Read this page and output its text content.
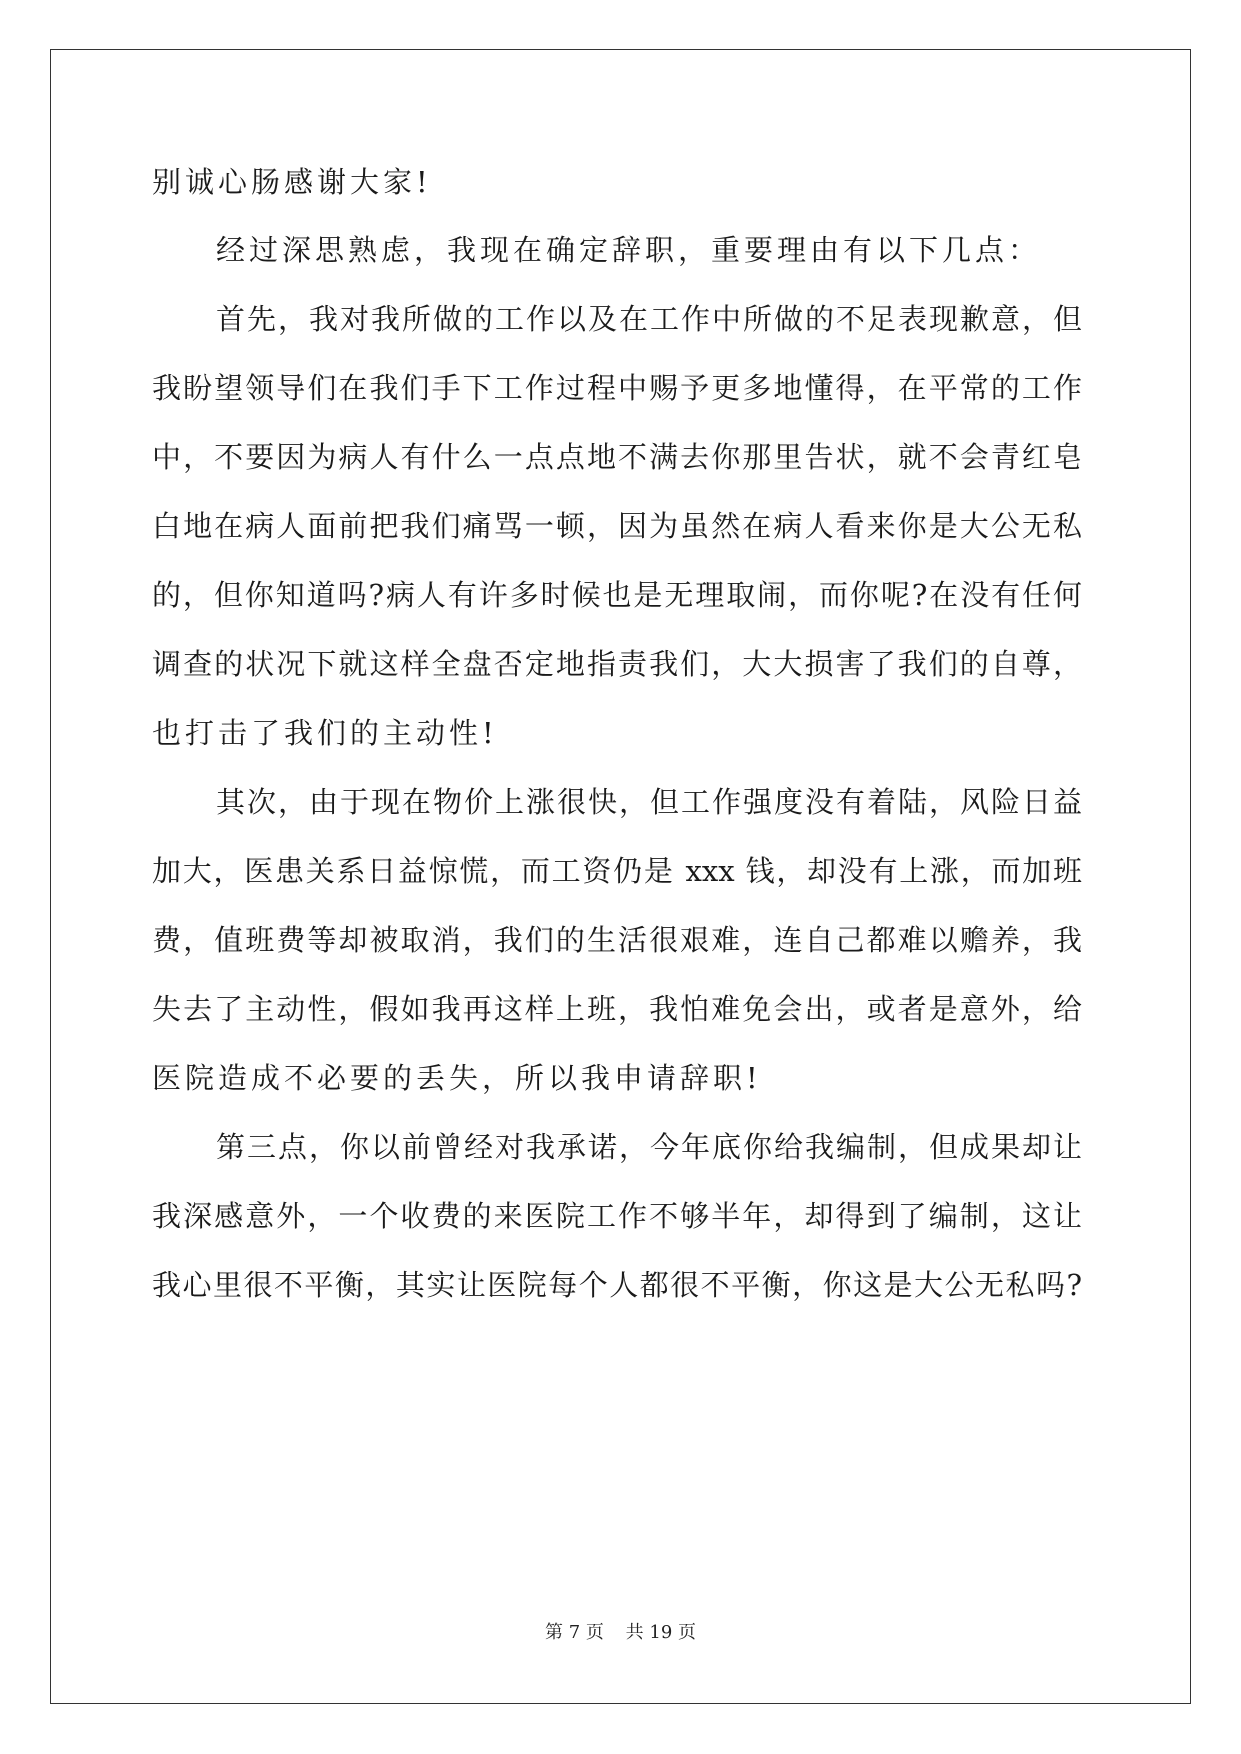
别诚心肠感谢大家!
经过深思熟虑，我现在确定辞职，重要理由有以下几点：
首先，我对我所做的工作以及在工作中所做的不足表现歉意，但
我盼望领导们在我们手下工作过程中赐予更多地懂得，在平常的工作
中，不要因为病人有什么一点点地不满去你那里告状，就不会青红皂
白地在病人面前把我们痛骂一顿，因为虽然在病人看来你是大公无私
的，但你知道吗?病人有许多时候也是无理取闹，而你呢?在没有任何
调查的状况下就这样全盘否定地指责我们，大大损害了我们的自尊，
也打击了我们的主动性!
其次，由于现在物价上涨很快，但工作强度没有着陆，风险日益
加大，医患关系日益惊慌，而工资仍是 xxx 钱，却没有上涨，而加班
费，值班费等却被取消，我们的生活很艰难，连自己都难以赡养，我
失去了主动性，假如我再这样上班，我怕难免会出，或者是意外，给
医院造成不必要的丢失，所以我申请辞职!
第三点，你以前曾经对我承诺，今年底你给我编制，但成果却让
我深感意外，一个收费的来医院工作不够半年，却得到了编制，这让
我心里很不平衡，其实让医院每个人都很不平衡，你这是大公无私吗?
第 7 页 共 19 页
